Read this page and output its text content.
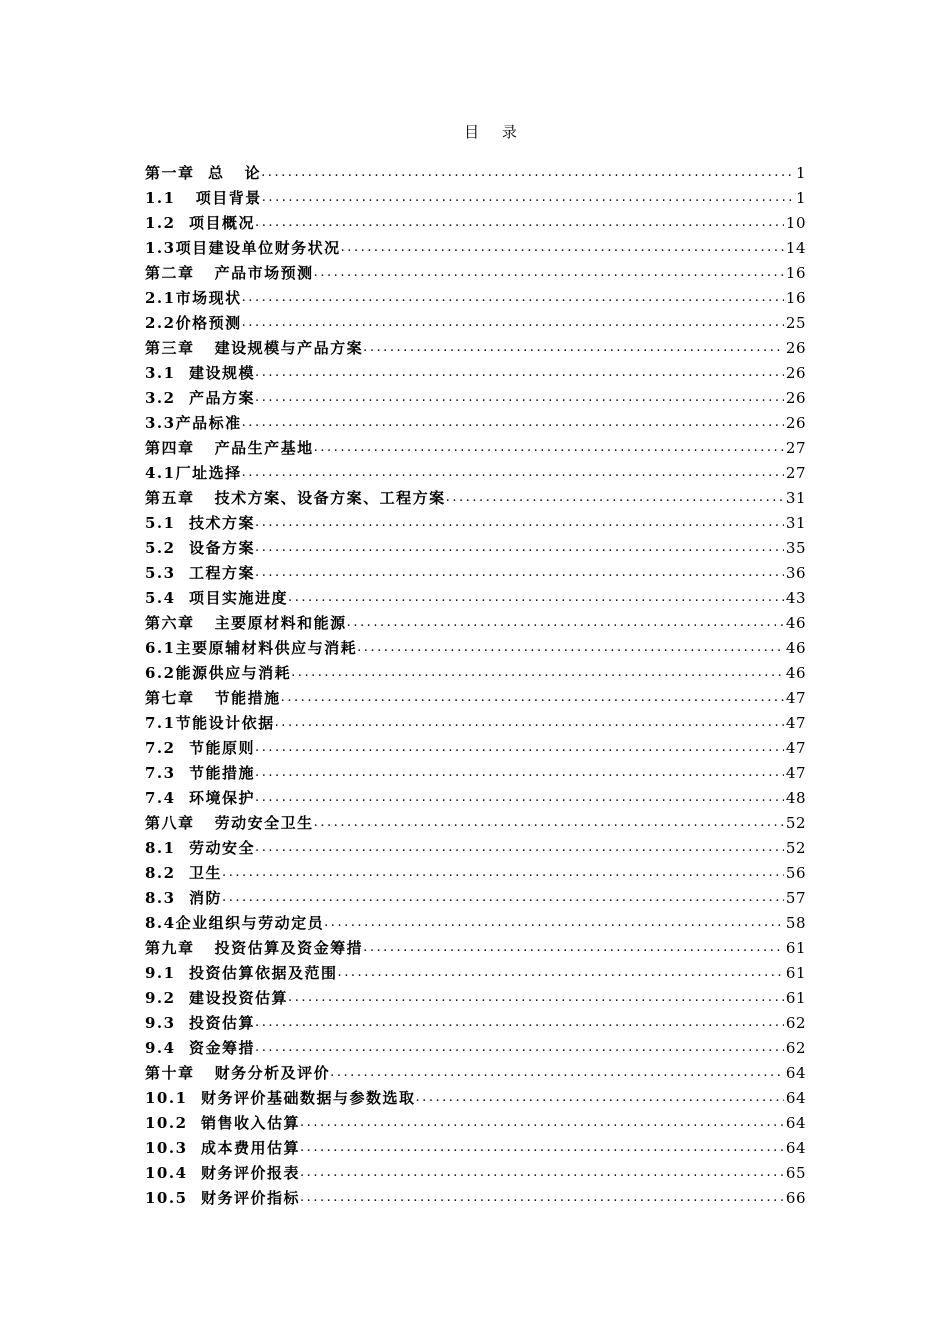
目 录
第一章  总   论 . . .	1
1.1   项目背景 . . .	1
1.2  项目概况 . . .	10
1.3项目建设单位财务状况 . . .	14
第二章   产品市场预测 . . .	16
2.1市场现状 . . .	16
2.2价格预测 . . .	25
第三章   建设规模与产品方案 . . .	26
3.1  建设规模 . . .	26
3.2  产品方案 . . .	26
3.3产品标准 . . .	26
第四章   产品生产基地 . . .	27
4.1厂址选择 . . .	27
第五章   技术方案、设备方案、工程方案 . . .	31
5.1  技术方案 . . .	31
5.2  设备方案 . . .	35
5.3  工程方案 . . .	36
5.4  项目实施进度 . . .	43
第六章   主要原材料和能源 . . .	46
6.1主要原辅材料供应与消耗 . . .	46
6.2能源供应与消耗 . . .	46
第七章   节能措施 . . .	47
7.1节能设计依据 . . .	47
7.2  节能原则 . . .	47
7.3  节能措施 . . .	47
7.4  环境保护 . . .	48
第八章   劳动安全卫生 . . .	52
8.1  劳动安全 . . .	52
8.2  卫生 . . .	56
8.3  消防 . . .	57
8.4企业组织与劳动定员 . . .	58
第九章   投资估算及资金筹措 . . .	61
9.1  投资估算依据及范围 . . .	61
9.2  建设投资估算 . . .	61
9.3  投资估算 . . .	62
9.4  资金筹措 . . .	62
第十章   财务分析及评价 . . .	64
10.1  财务评价基础数据与参数选取 . . .	64
10.2  销售收入估算 . . .	64
10.3  成本费用估算 . . .	64
10.4  财务评价报表 . . .	65
10.5  财务评价指标 . . .	66
